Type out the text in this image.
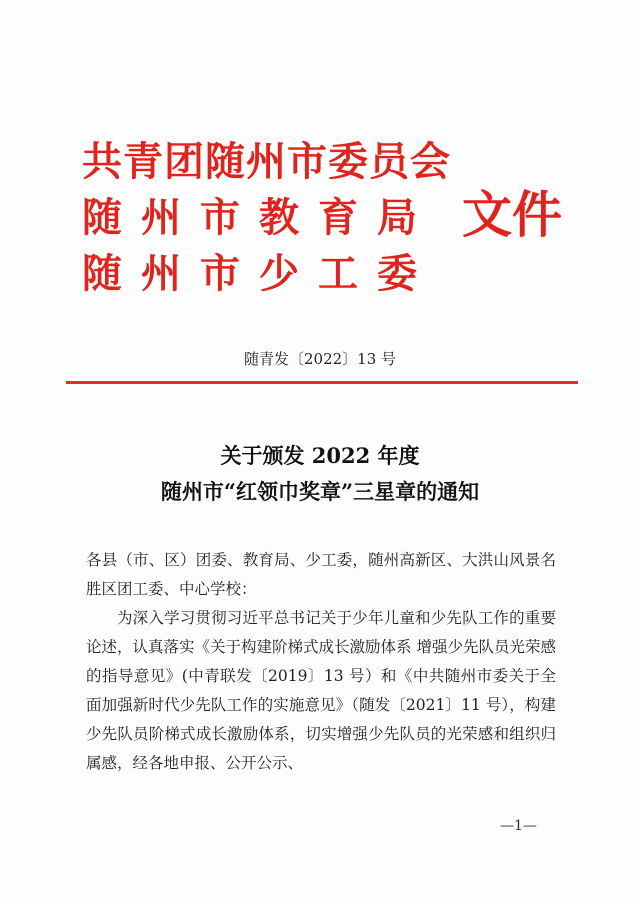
共青团随州市委员会
随州市教育局
随州市少工委
文件
随青发〔2022〕13 号
关于颁发 2022 年度
随州市“红领巾奖章”三星章的通知

各县（市、区）团委、教育局、少工委，随州高新区、大洪山风景名胜区团工委、中心学校：

为深入学习贯彻习近平总书记关于少年儿童和少先队工作的重要论述，认真落实《关于构建阶梯式成长激励体系 增强少先队员光荣感的指导意见》(中青联发〔2019〕13 号）和《中共随州市委关于全面加强新时代少先队工作的实施意见》（随发〔2021〕11 号），构建少先队员阶梯式成长激励体系，切实增强少先队员的光荣感和组织归属感，经各地申报、公开公示、

—1—
